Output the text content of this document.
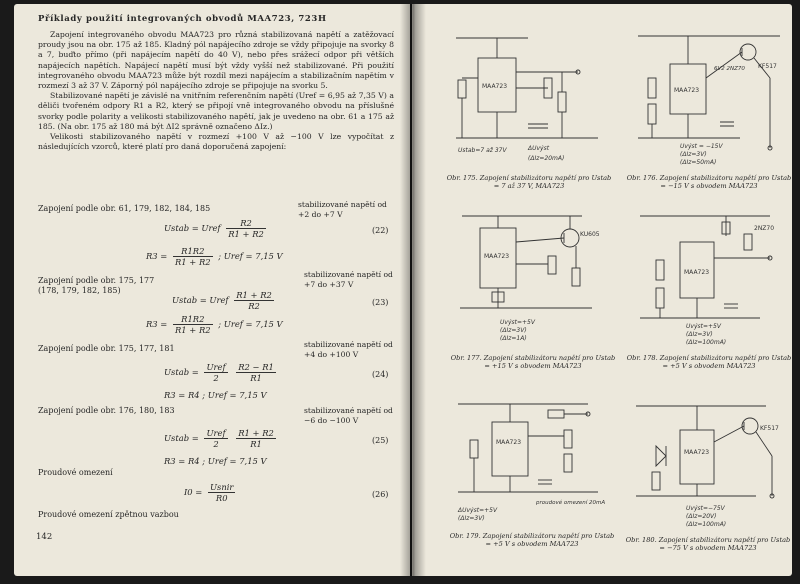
Příklady použití integrovaných obvodů MAA723, 723H

Zapojení integrovaného obvodu MAA723 pro různá stabilizovaná napětí a zatěžovací proudy jsou na obr. 175 až 185. Kladný pól napájecího zdroje se vždy připojuje na svorky 8 a 7, buďto přímo (při napájecím napětí do 40 V), nebo přes srážecí odpor při větších napájecích napětích. Napájecí napětí musí být vždy vyšší než stabilizované. Při použití integrovaného obvodu MAA723 může být rozdíl mezi napájecím a stabilizačním napětím v rozmezí 3 až 37 V. Záporný pól napájecího zdroje se připojuje na svorku 5.

Stabilizované napětí je závislé na vnitřním referenčním napětí (Uref = 6,95 až 7,35 V) a děliči tvořeném odpory R1 a R2, který se připojí vně integrovaného obvodu na příslušné svorky podle polarity a velikosti stabilizovaného napětí, jak je uvedeno na obr. 61 a 175 až 185. (Na obr. 175 až 180 má být ΔI2 správně označeno ΔIz.)

Velikosti stabilizovaného napětí v rozmezí +100 V až −100 V lze vypočítat z následujících vzorců, které platí pro daná doporučená zapojení:

Zapojení podle obr. 61, 179, 182, 184, 185	stabilizované napětí od +2 do +7 V
Ustab = Uref $\frac{R2}{R1 + R2}$	(22)
$R3 = \frac{R1R2}{R1 + R2}$ ; Uref = 7,15 V
Zapojení podle obr. 175, 177 (178, 179, 182, 185)
stabilizované napětí od +7 do +37 V
Ustab = Uref $\frac{R1 + R2}{R2}$	(23)
$R3 = \frac{R1R2}{R1 + R2}$ ; Uref = 7,15 V
Zapojení podle obr. 175, 177, 181	stabilizované napětí od +4 do +100 V
Ustab = $\frac{\text{Uref}}{2}$
$\frac{R2 - R1}{R1}$	(24)
R3 = R4 ; Uref = 7,15 V
Zapojení podle obr. 176, 180, 183	stabilizované napětí od −6 do −100 V
Ustab = $\frac{\text{Uref}}{2}$
$\frac{R1 + R2}{R1}$	(25)
R3 = R4 ; Uref = 7,15 V
Proudové omezení
$I0 = \frac{\text{Usnir}}{R0}$	(26)
Proudové omezení zpětnou vazbou
142
MAA723
Ustab=7 až 37V	ΔUvýst
(ΔIz=20mA)
Obr. 175. Zapojení stabilizátoru napětí pro Ustab = 7 až 37 V, MAA723
MAA723
KF517
6V2 2NZ70
Uvýst = −15V
(ΔIz=3V)
(ΔIz=50mA)
Obr. 176. Zapojení stabilizátoru napětí pro Ustab = −15 V s obvodem MAA723
MAA723
KU605
Uvýst=+5V
(ΔIz=3V)
(ΔIz=1A)
Obr. 177. Zapojení stabilizátoru napětí pro Ustab = +15 V s obvodem MAA723
MAA723
2NZ70
Uvýst=+5V
(ΔIz=3V)
(ΔIz=100mA)
Obr. 178. Zapojení stabilizátoru napětí pro Ustab = +5 V s obvodem MAA723
MAA723
proudové omezení 20mA
ΔUvýst=+5V
(ΔIz=3V)
Obr. 179. Zapojení stabilizátoru napětí pro Ustab = +5 V s obvodem MAA723
MAA723
KF517
Uvýst=−75V
(ΔIz=20V)
(ΔIz=100mA)
Obr. 180. Zapojení stabilizátoru napětí pro Ustab = −75 V s obvodem MAA723
